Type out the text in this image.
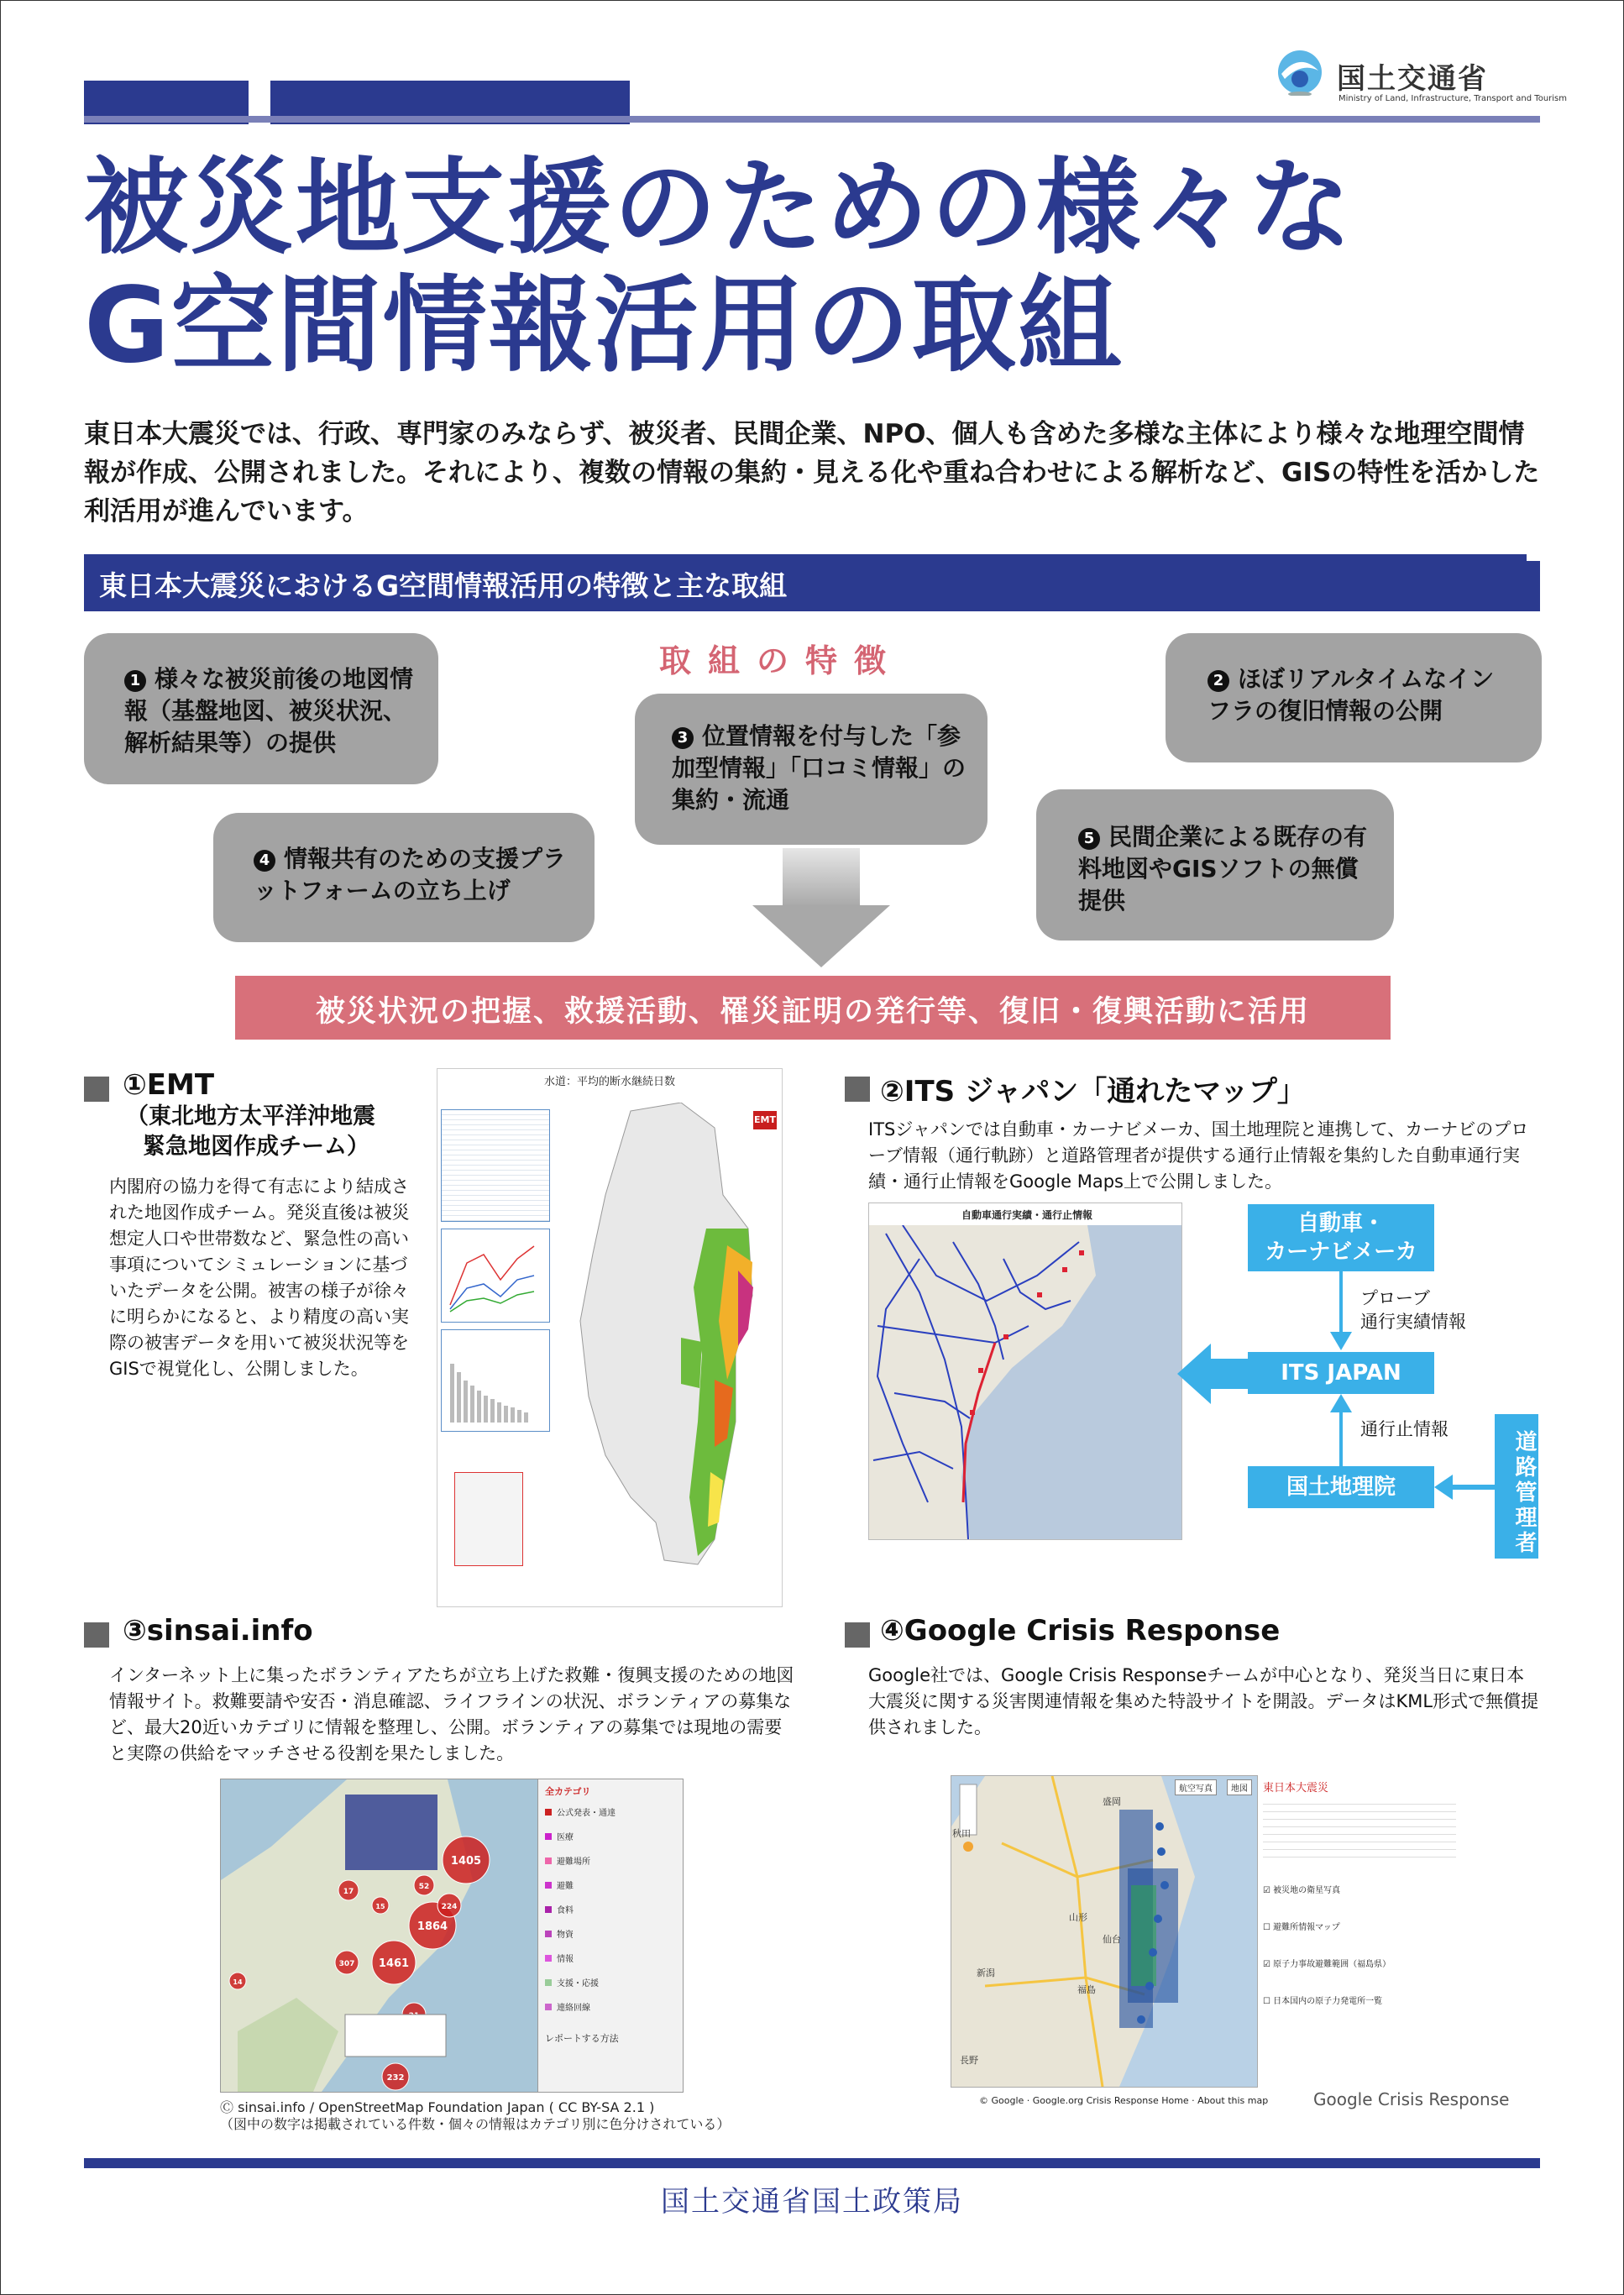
国土交通省
Ministry of Land, Infrastructure, Transport and Tourism
被災地支援のための様々な
G空間情報活用の取組
東日本大震災では、行政、専門家のみならず、被災者、民間企業、NPO、個人も含めた多様な主体により様々な地理空間情報が作成、公開されました。それにより、複数の情報の集約・見える化や重ね合わせによる解析など、GISの特性を活かした利活用が進んでいます。
東日本大震災におけるG空間情報活用の特徴と主な取組
取組の特徴
1 様々な被災前後の地図情報（基盤地図、被災状況、解析結果等）の提供
2 ほぼリアルタイムなインフラの復旧情報の公開
3 位置情報を付与した「参加型情報」「口コミ情報」の集約・流通
4 情報共有のための支援プラットフォームの立ち上げ
5 民間企業による既存の有料地図やGISソフトの無償提供
被災状況の把握、救援活動、罹災証明の発行等、復旧・復興活動に活用
①EMT
（東北地方太平洋沖地震
緊急地図作成チーム）
内閣府の協力を得て有志により結成された地図作成チーム。発災直後は被災想定人口や世帯数など、緊急性の高い事項についてシミュレーションに基づいたデータを公開。被害の様子が徐々に明らかになると、より精度の高い実際の被害データを用いて被災状況等をGISで視覚化し、公開しました。
水道：平均的断水継続日数
EMT
②ITS ジャパン「通れたマップ」
ITSジャパンでは自動車・カーナビメーカ、国土地理院と連携して、カーナビのプローブ情報（通行軌跡）と道路管理者が提供する通行止情報を集約した自動車通行実績・通行止情報をGoogle Maps上で公開しました。
自動車通行実績・通行止情報	自動車・
カーナビメーカ
プローブ
通行実績情報
ITS JAPAN
通行止情報
国土地理院	道路管理者
③sinsai.info
インターネット上に集ったボランティアたちが立ち上げた救難・復興支援のための地図情報サイト。救難要請や安否・消息確認、ライフラインの状況、ボランティアの募集など、最大20近いカテゴリに情報を整理し、公開。ボランティアの募集では現地の需要と実際の供給をマッチさせる役割を果たしました。
1405
1864
1461
224
307
232
52
17
15
14
全カテゴリ
公式発表・通達
医療
避難場所
避難
食料
物資
情報
支援・応援
連絡回線
レポートする方法
Ⓒ sinsai.info / OpenStreetMap Foundation Japan ( CC BY-SA 2.1 )
（図中の数字は掲載されている件数・個々の情報はカテゴリ別に色分けされている）
④Google Crisis Response
Google社では、Google Crisis Responseチームが中心となり、発災当日に東日本大震災に関する災害関連情報を集めた特設サイトを開設。データはKML形式で無償提供されました。
秋田
盛岡
山形
仙台
新潟
福島
長野
地図
航空写真	東日本大震災
☑ 被災地の衛星写真
☐ 避難所情報マップ
☑ 原子力事故避難範囲（福島県）
☐ 日本国内の原子力発電所一覧
© Google · Google.org Crisis Response Home · About this map	Google Crisis Response
国土交通省国土政策局
